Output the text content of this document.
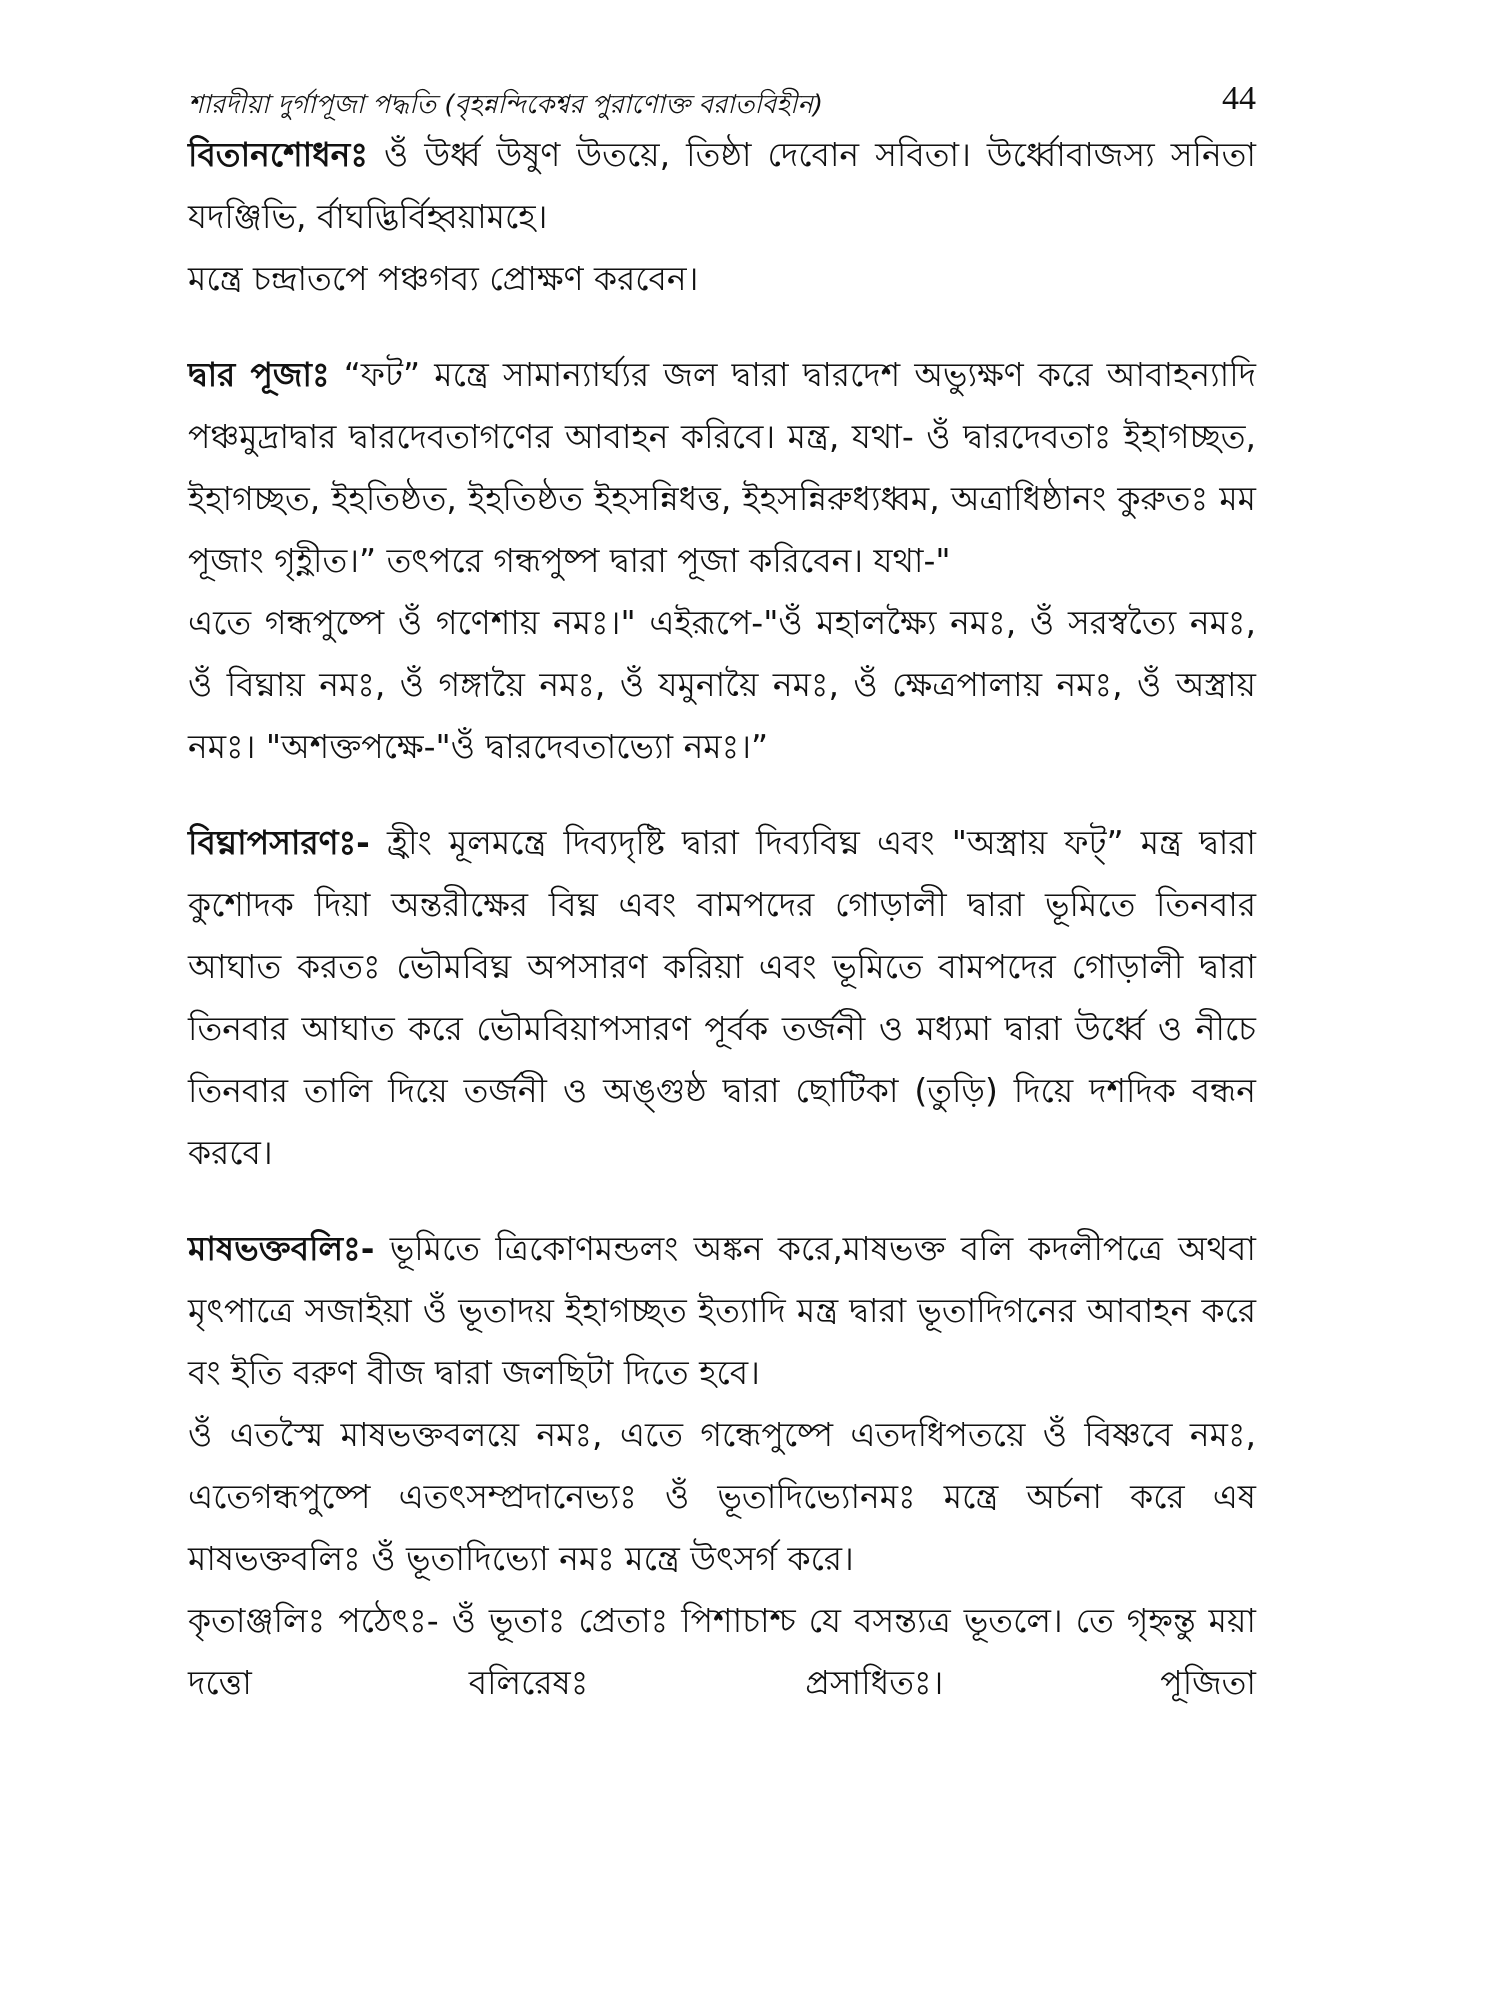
শারদীয়া দুর্গাপূজা পদ্ধতি (বৃহন্নন্দিকেশ্বর পুরাণোক্ত বরাতবিহীন)	44

বিতানশোধনঃ ওঁ উর্ধ্ব উষুণ উতয়ে, তিষ্ঠা দেবোন সবিতা। উর্ধ্বোবাজস্য সনিতা যদঞ্জিভি, র্বাঘদ্ভির্বিহ্বয়ামহে।

মন্ত্রে চন্দ্রাতপে পঞ্চগব্য প্রোক্ষণ করবেন।

দ্বার পূজাঃ “ফট” মন্ত্রে সামান্যার্ঘ্যর জল দ্বারা দ্বারদেশ অভ্যুক্ষণ করে আবাহন্যাদি পঞ্চমুদ্রাদ্বার দ্বারদেবতাগণের আবাহন করিবে। মন্ত্র, যথা- ওঁ দ্বারদেবতাঃ ইহাগচ্ছত, ইহাগচ্ছত, ইহতিষ্ঠত, ইহতিষ্ঠত ইহসন্নিধত্ত, ইহসন্নিরুধ্যধ্বম, অত্রাধিষ্ঠানং কুরুতঃ মম পূজাং গৃহ্ণীত।” তৎপরে গন্ধপুষ্প দ্বারা পূজা করিবেন। যথা-"

এতে গন্ধপুষ্পে ওঁ গণেশায় নমঃ।" এইরূপে-"ওঁ মহালক্ষ্যৈ নমঃ, ওঁ সরস্বত্যৈ নমঃ, ওঁ বিঘ্নায় নমঃ, ওঁ গঙ্গায়ৈ নমঃ, ওঁ যমুনায়ৈ নমঃ, ওঁ ক্ষেত্রপালায় নমঃ, ওঁ অস্ত্রায় নমঃ। "অশক্তপক্ষে-"ওঁ দ্বারদেবতাভ্যো নমঃ।”

বিঘ্নাপসারণঃ- হ্রীং মূলমন্ত্রে দিব্যদৃষ্টি দ্বারা দিব্যবিঘ্ন এবং "অস্ত্রায় ফট্‌” মন্ত্র দ্বারা কুশোদক দিয়া অন্তরীক্ষের বিঘ্ন এবং বামপদের গোড়ালী দ্বারা ভূমিতে তিনবার আঘাত করতঃ ভৌমবিঘ্ন অপসারণ করিয়া এবং ভূমিতে বামপদের গোড়ালী দ্বারা তিনবার আঘাত করে ভৌমবিয়াপসারণ পূর্বক তর্জনী ও মধ্যমা দ্বারা উর্ধ্বে ও নীচে তিনবার তালি দিয়ে তর্জনী ও অঙ্গুষ্ঠ দ্বারা ছোটিকা (তুড়ি) দিয়ে দশদিক বন্ধন করবে।

মাষভক্তবলিঃ- ভূমিতে ত্রিকোণমন্ডলং অঙ্কন করে,মাষভক্ত বলি কদলীপত্রে অথবা মৃৎপাত্রে সজাইয়া ওঁ ভূতাদয় ইহাগচ্ছত ইত্যাদি মন্ত্র দ্বারা ভূতাদিগনের আবাহন করে বং ইতি বরুণ বীজ দ্বারা জলছিটা দিতে হবে।

ওঁ এতস্মৈ মাষভক্তবলয়ে নমঃ, এতে গন্ধেপুষ্পে এতদধিপতয়ে ওঁ বিষ্ণবে নমঃ, এতেগন্ধপুষ্পে এতৎসম্প্রদানেভ্যঃ ওঁ ভূতাদিভ্যোনমঃ মন্ত্রে অর্চনা করে এষ মাষভক্তবলিঃ ওঁ ভূতাদিভ্যো নমঃ মন্ত্রে উৎসর্গ করে।

কৃতাঞ্জলিঃ পঠেৎঃ- ওঁ ভূতাঃ প্রেতাঃ পিশাচাশ্চ যে বসন্ত্যত্র ভূতলে। তে গৃহ্নন্তু ময়া দত্তো বলিরেষঃ প্রসাধিতঃ। পূজিতা
